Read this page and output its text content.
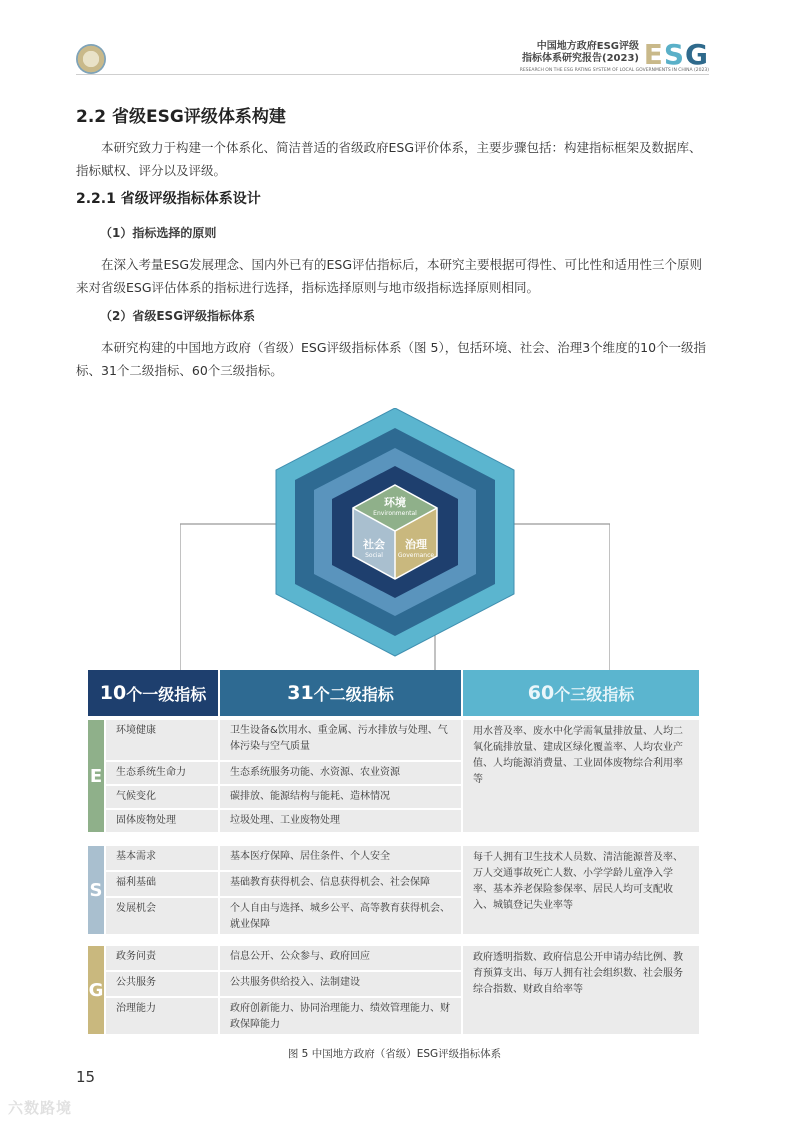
中国地方政府ESG评级
指标体系研究报告(2023) ESG
RESEARCH ON THE ESG RATING SYSTEM OF LOCAL GOVERNMENTS IN CHINA (2023)
2.2 省级ESG评级体系构建
本研究致力于构建一个体系化、简洁普适的省级政府ESG评价体系，主要步骤包括：构建指标框架及数据库、指标赋权、评分以及评级。
2.2.1 省级评级指标体系设计
（1）指标选择的原则
在深入考量ESG发展理念、国内外已有的ESG评估指标后，本研究主要根据可得性、可比性和适用性三个原则来对省级ESG评估体系的指标进行选择，指标选择原则与地市级指标选择原则相同。
（2）省级ESG评级指标体系
本研究构建的中国地方政府（省级）ESG评级指标体系（图 5），包括环境、社会、治理3个维度的10个一级指标、31个二级指标、60个三级指标。
环境
Environmental
社会
Social
治理
Governance
10 个一级指标	31 个二级指标	60 个三级指标
E
环境健康
生态系统生命力
气候变化
固体废物处理
卫生设备&饮用水、重金属、污水排放与处理、气体污染与空气质量
生态系统服务功能、水资源、农业资源
碳排放、能源结构与能耗、造林情况
垃圾处理、工业废物处理
用水普及率、废水中化学需氧量排放量、人均二氧化硫排放量、建成区绿化覆盖率、人均农业产值、人均能源消费量、工业固体废物综合利用率等
S
基本需求
福利基础
发展机会
基本医疗保障、居住条件、个人安全
基础教育获得机会、信息获得机会、社会保障
个人自由与选择、城乡公平、高等教育获得机会、就业保障
每千人拥有卫生技术人员数、清洁能源普及率、万人交通事故死亡人数、小学学龄儿童净入学率、基本养老保险参保率、居民人均可支配收入、城镇登记失业率等
G
政务问责
公共服务
治理能力
信息公开、公众参与、政府回应
公共服务供给投入、法制建设
政府创新能力、协同治理能力、绩效管理能力、财政保障能力
政府透明指数、政府信息公开申请办结比例、教育预算支出、每万人拥有社会组织数、社会服务综合指数、财政自给率等
图 5 中国地方政府（省级）ESG评级指标体系
15
六数路境
